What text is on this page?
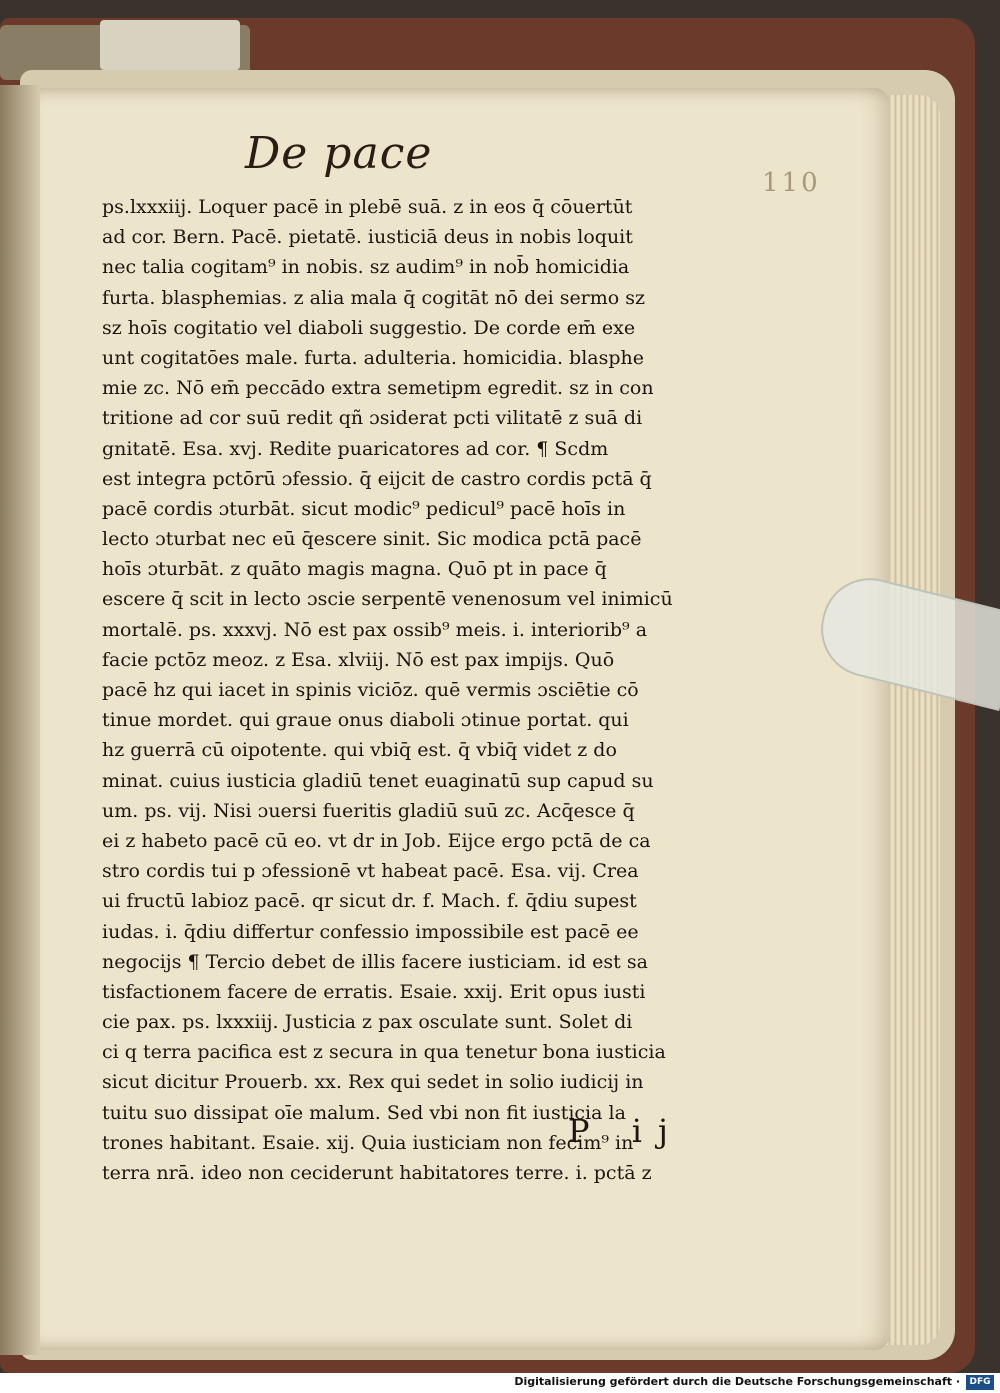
De pace

110

ps.lxxxiij. Loquer pacē in plebē suā. z in eos q̄ cōuertūt
ad cor. Bern. Pacē. pietatē. iusticiā deus in nobis loquit
nec talia cogitam⁹ in nobis. sz audim⁹ in nob̄ homicidia
furta. blasphemias. z alia mala q̄ cogitāt nō dei sermo sz
sz hoīs cogitatio vel diaboli suggestio. De corde em̄ exe
unt cogitatōes male. furta. adulteria. homicidia. blasphe
mie zc. Nō em̄ peccādo extra semetipm egredit. sz in con
tritione ad cor suū redit qñ ɔsiderat pcti vilitatē z suā di
gnitatē. Esa. xvj. Redite puaricatores ad cor. ¶ Scdm
est integra pctōrū ɔfessio. q̄ eijcit de castro cordis pctā q̄
pacē cordis ɔturbāt. sicut modic⁹ pedicul⁹ pacē hoīs in
lecto ɔturbat nec eū q̄escere sinit. Sic modica pctā pacē
hoīs ɔturbāt. z quāto magis magna. Quō pt in pace q̄
escere q̄ scit in lecto ɔscie serpentē venenosum vel inimicū
mortalē. ps. xxxvj. Nō est pax ossib⁹ meis. i. interiorib⁹ a
facie pctōz meoz. z Esa. xlviij. Nō est pax impijs. Quō
pacē hz qui iacet in spinis viciōz. quē vermis ɔsciētie cō
tinue mordet. qui graue onus diaboli ɔtinue portat. qui
hz guerrā cū oipotente. qui vbiq̄ est. q̄ vbiq̄ videt z do
minat. cuius iusticia gladiū tenet euaginatū sup capud su
um. ps. vij. Nisi ɔuersi fueritis gladiū suū zc. Acq̄esce q̄
ei z habeto pacē cū eo. vt dr in Job. Eijce ergo pctā de ca
stro cordis tui p ɔfessionē vt habeat pacē. Esa. vij. Crea
ui fructū labioz pacē. qr sicut dr. f. Mach. f. q̄diu supest
iudas. i. q̄diu differtur confessio impossibile est pacē ee
negocijs ¶ Tercio debet de illis facere iusticiam. id est sa
tisfactionem facere de erratis. Esaie. xxij. Erit opus iusti
cie pax. ps. lxxxiij. Justicia z pax osculate sunt. Solet di
ci q terra pacifica est z secura in qua tenetur bona iusticia
sicut dicitur Prouerb. xx. Rex qui sedet in solio iudicij in
tuitu suo dissipat oīe malum. Sed vbi non fit iusticia la
trones habitant. Esaie. xij. Quia iusticiam non fecim⁹ in
terra nrā. ideo non ceciderunt habitatores terre. i. pctā z

P ij

Digitalisierung gefördert durch die Deutsche Forschungsgemeinschaft ·	DFG
